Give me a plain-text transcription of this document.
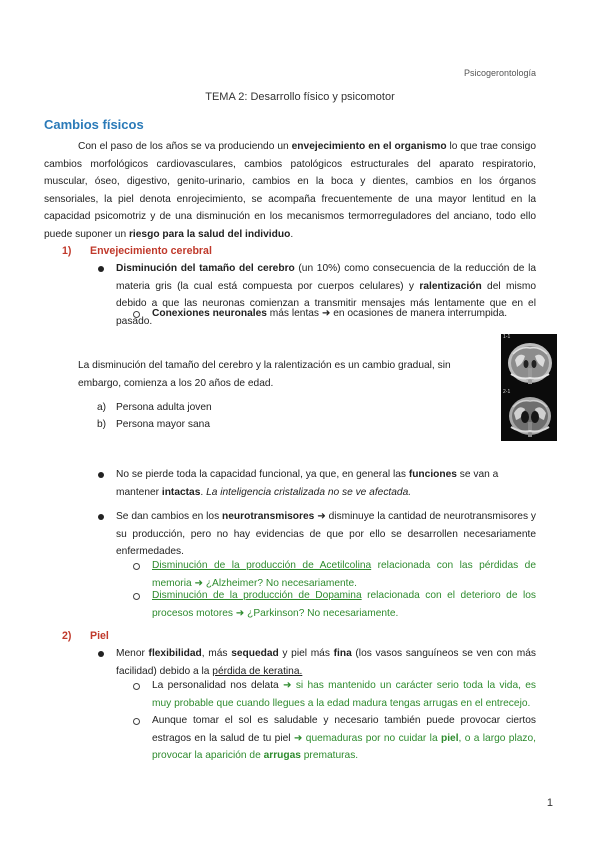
Psicogerontología
TEMA 2: Desarrollo físico y psicomotor
Cambios físicos
Con el paso de los años se va produciendo un envejecimiento en el organismo lo que trae consigo cambios morfológicos cardiovasculares, cambios patológicos estructurales del aparato respiratorio, muscular, óseo, digestivo, genito-urinario, cambios en la boca y dientes, cambios en los órganos sensoriales, la piel denota enrojecimiento, se acompaña frecuentemente de una mayor lentitud en la capacidad psicomotriz y de una disminución en los mecanismos termorreguladores del anciano, todo ello puede suponer un riesgo para la salud del individuo.
1) Envejecimiento cerebral
Disminución del tamaño del cerebro (un 10%) como consecuencia de la reducción de la materia gris (la cual está compuesta por cuerpos celulares) y ralentización del mismo debido a que las neuronas comienzan a transmitir mensajes más lentamente que en el pasado.
Conexiones neuronales más lentas ➜ en ocasiones de manera interrumpida.
La disminución del tamaño del cerebro y la ralentización es un cambio gradual, sin embargo, comienza a los 20 años de edad.
a) Persona adulta joven
b) Persona mayor sana
1-1
2-1
No se pierde toda la capacidad funcional, ya que, en general las funciones se van a mantener intactas. La inteligencia cristalizada no se ve afectada.
Se dan cambios en los neurotransmisores ➜ disminuye la cantidad de neurotransmisores y su producción, pero no hay evidencias de que por ello se desarrollen necesariamente enfermedades.
Disminución de la producción de Acetilcolina relacionada con las pérdidas de memoria ➜ ¿Alzheimer? No necesariamente.
Disminución de la producción de Dopamina relacionada con el deterioro de los procesos motores ➜ ¿Parkinson? No necesariamente.
2) Piel
Menor flexibilidad, más sequedad y piel más fina (los vasos sanguíneos se ven con más facilidad) debido a la pérdida de keratina.
La personalidad nos delata ➜ si has mantenido un carácter serio toda la vida, es muy probable que cuando llegues a la edad madura tengas arrugas en el entrecejo.
Aunque tomar el sol es saludable y necesario también puede provocar ciertos estragos en la salud de tu piel ➜ quemaduras por no cuidar la piel, o a largo plazo, provocar la aparición de arrugas prematuras.
1
